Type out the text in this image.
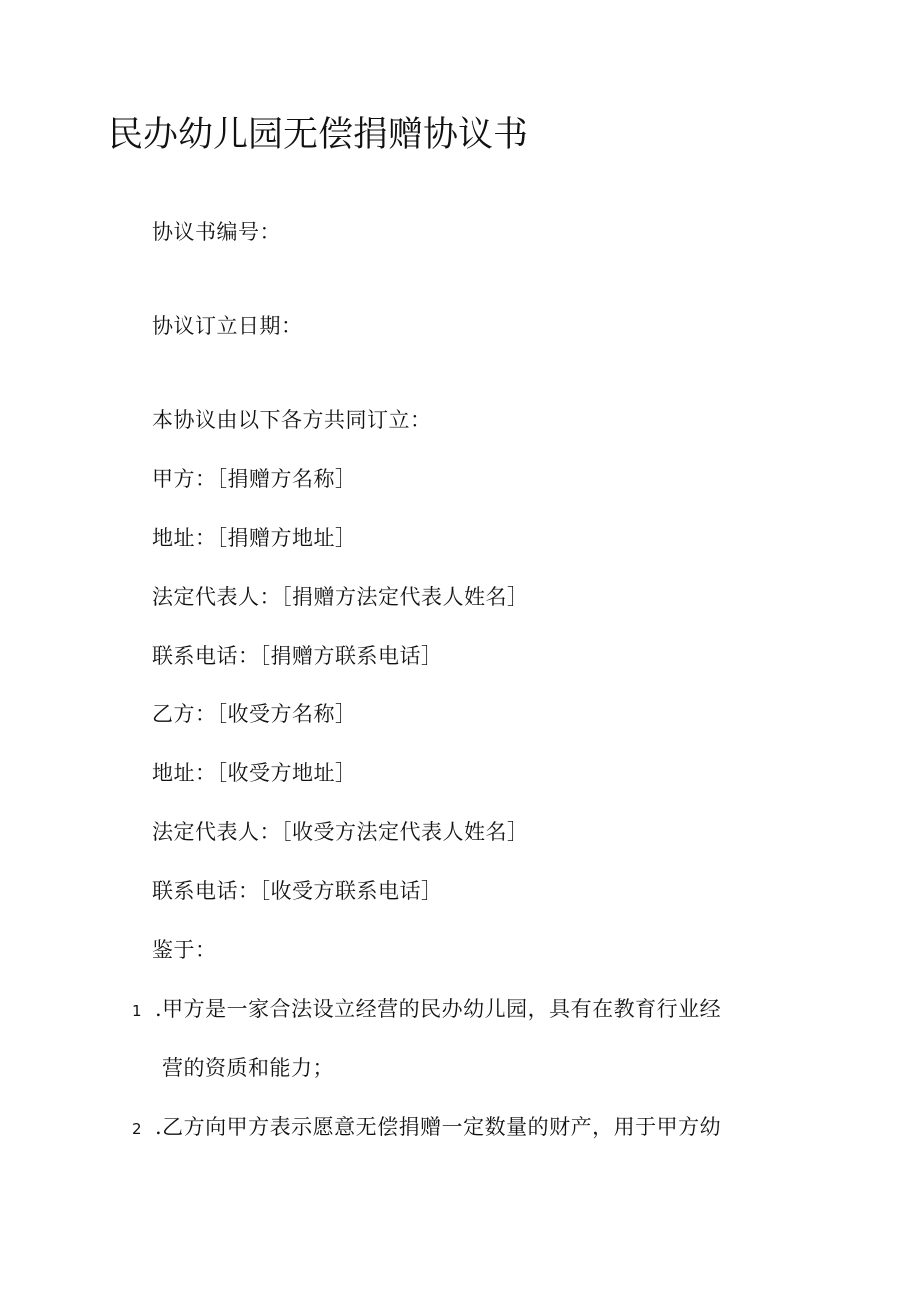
民办幼儿园无偿捐赠协议书
协议书编号：
协议订立日期：
本协议由以下各方共同订立：
甲方：［捐赠方名称］
地址：［捐赠方地址］
法定代表人：［捐赠方法定代表人姓名］
联系电话：［捐赠方联系电话］
乙方：［收受方名称］
地址：［收受方地址］
法定代表人：［收受方法定代表人姓名］
联系电话：［收受方联系电话］
鉴于：
1 .甲方是一家合法设立经营的民办幼儿园，具有在教育行业经
营的资质和能力；
2 .乙方向甲方表示愿意无偿捐赠一定数量的财产，用于甲方幼
